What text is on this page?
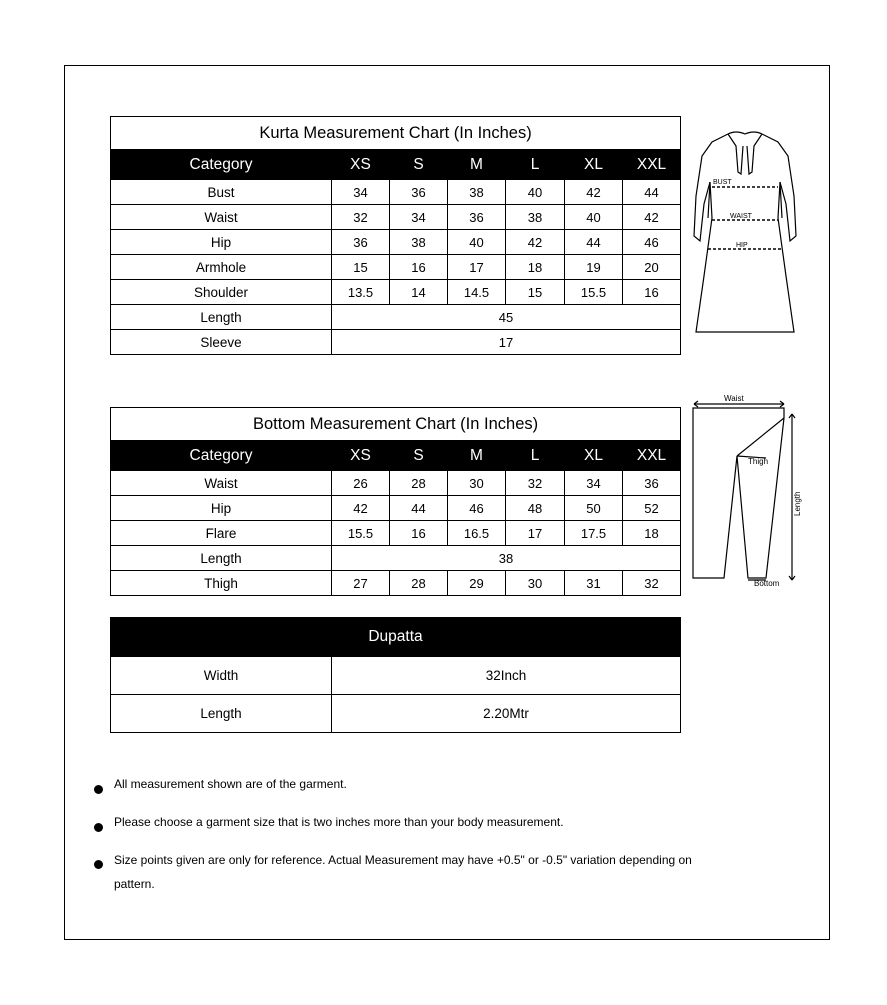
Kurta Measurement Chart (In Inches)						
Category	XS	S	M	L	XL	XXL
Bust	34	36	38	40	42	44
Waist	32	34	36	38	40	42
Hip	36	38	40	42	44	46
Armhole	15	16	17	18	19	20
Shoulder	13.5	14	14.5	15	15.5	16
Length	45					
Sleeve	17					
BUST
WAIST
HIP
Bottom Measurement Chart (In Inches)						
Category	XS	S	M	L	XL	XXL
Waist	26	28	30	32	34	36
Hip	42	44	46	48	50	52
Flare	15.5	16	16.5	17	17.5	18
Length	38					
Thigh	27	28	29	30	31	32
Waist
Thigh
Length
Bottom
Dupatta	
Width	32Inch
Length	2.20Mtr
All measurement shown are of the garment.
Please choose a garment size that is two inches more than your body measurement.
Size points given are only for reference. Actual Measurement may have +0.5" or -0.5" variation depending on pattern.
